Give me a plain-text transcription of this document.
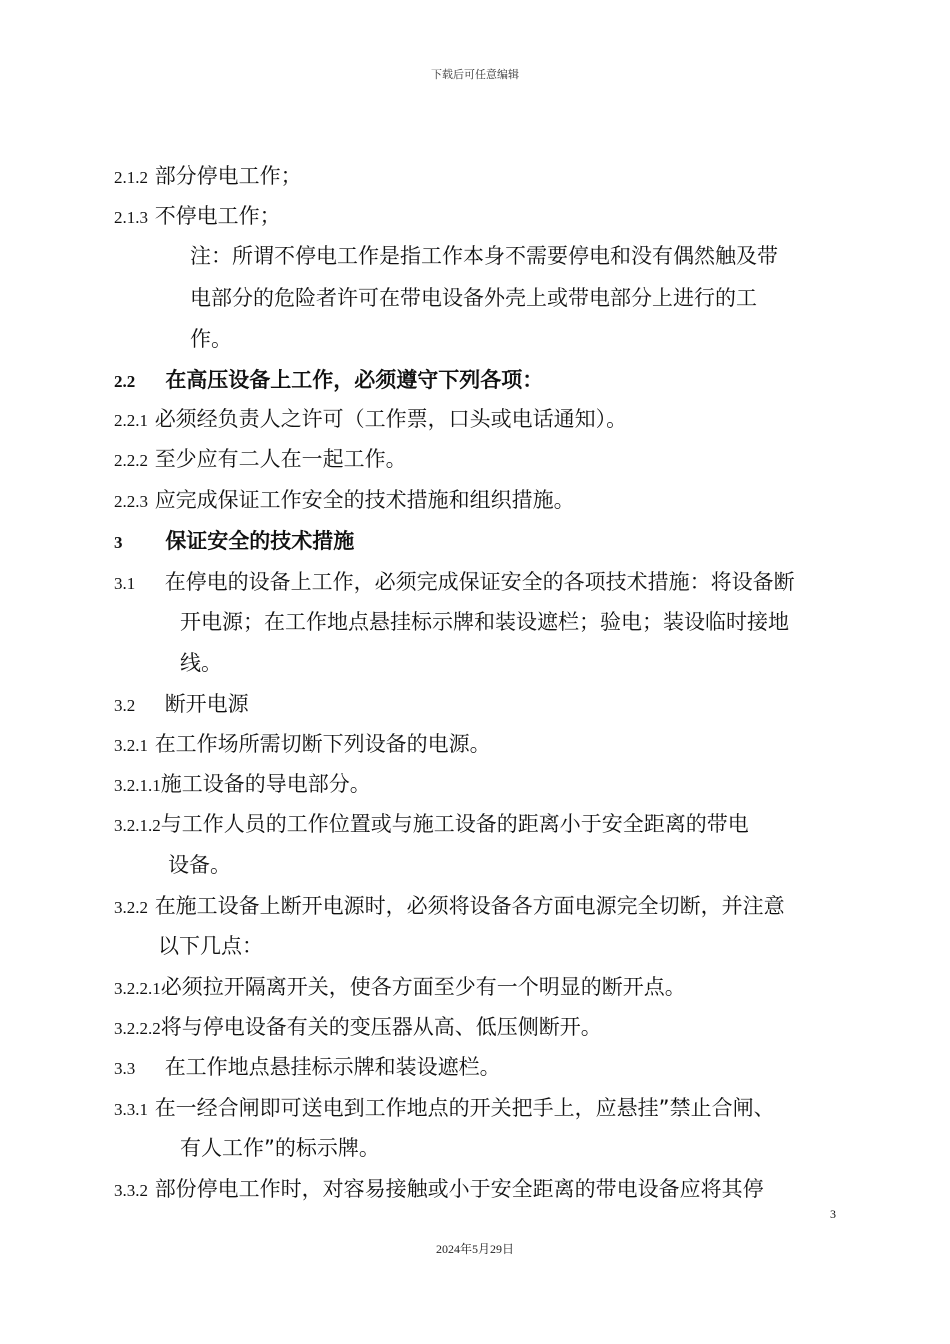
下载后可任意编辑
2.1.2 部分停电工作；
2.1.3 不停电工作；
注：所谓不停电工作是指工作本身不需要停电和没有偶然触及带
电部分的危险者许可在带电设备外壳上或带电部分上进行的工
作。
2.2 在高压设备上工作，必须遵守下列各项：
2.2.1 必须经负责人之许可（工作票，口头或电话通知）。
2.2.2 至少应有二人在一起工作。
2.2.3 应完成保证工作安全的技术措施和组织措施。
3 保证安全的技术措施
3.1 在停电的设备上工作，必须完成保证安全的各项技术措施：将设备断
开电源；在工作地点悬挂标示牌和装设遮栏；验电；装设临时接地
线。
3.2 断开电源
3.2.1 在工作场所需切断下列设备的电源。
3.2.1.1施工设备的导电部分。
3.2.1.2与工作人员的工作位置或与施工设备的距离小于安全距离的带电
设备。
3.2.2 在施工设备上断开电源时，必须将设备各方面电源完全切断，并注意
以下几点：
3.2.2.1必须拉开隔离开关，使各方面至少有一个明显的断开点。
3.2.2.2将与停电设备有关的变压器从高、低压侧断开。
3.3 在工作地点悬挂标示牌和装设遮栏。
3.3.1 在一经合闸即可送电到工作地点的开关把手上，应悬挂”禁止合闸、
有人工作”的标示牌。
3.3.2 部份停电工作时，对容易接触或小于安全距离的带电设备应将其停
3
2024年5月29日
